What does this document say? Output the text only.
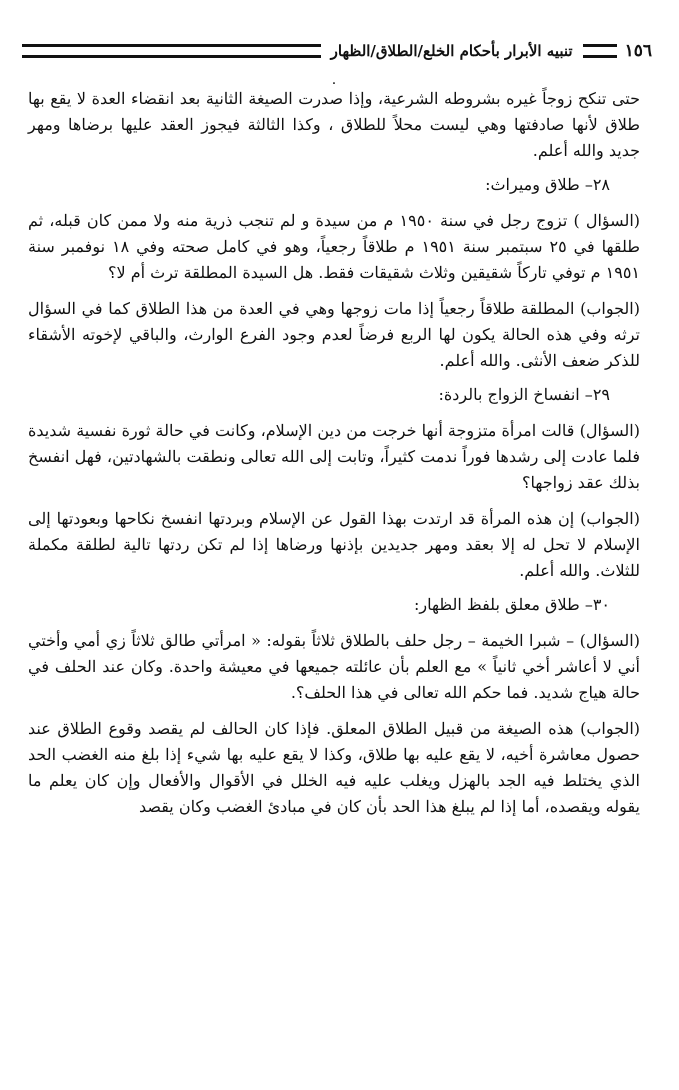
١٥٦
تنبيه الأبرار بأحكام الخلع/الطلاق/الظهار
.

حتى تنكح زوجاً غيره بشروطه الشرعية، وإذا صدرت الصيغة الثانية بعد انقضاء العدة لا يقع بها طلاق لأنها صادفتها وهي ليست محلاً للطلاق ، وكذا الثالثة فيجوز العقد عليها برضاها ومهر جديد والله أعلم.

٢٨– طلاق وميراث:

(السؤال ) تزوج رجل في سنة ١٩٥٠ م من سيدة و لم تنجب ذرية منه ولا ممن كان قبله، ثم طلقها في ٢٥ سبتمبر سنة ١٩٥١ م طلاقاً رجعياً، وهو في كامل صحته وفي ١٨ نوفمبر سنة ١٩٥١ م توفي تاركاً شقيقين وثلاث شقيقات فقط. هل السيدة المطلقة ترث أم لا؟

(الجواب) المطلقة طلاقاً رجعياً إذا مات زوجها وهي في العدة من هذا الطلاق كما في السؤال ترثه وفي هذه الحالة يكون لها الربع فرضاً لعدم وجود الفرع الوارث، والباقي لإخوته الأشقاء للذكر ضعف الأنثى. والله أعلم.

٢٩– انفساخ الزواج بالردة:

(السؤال) قالت امرأة متزوجة أنها خرجت من دين الإسلام، وكانت في حالة ثورة نفسية شديدة فلما عادت إلى رشدها فوراً ندمت كثيراً، وتابت إلى الله تعالى ونطقت بالشهادتين، فهل انفسخ بذلك عقد زواجها؟

(الجواب) إن هذه المرأة قد ارتدت بهذا القول عن الإسلام وبردتها انفسخ نكاحها وبعودتها إلى الإسلام لا تحل له إلا بعقد ومهر جديدين بإذنها ورضاها إذا لم تكن ردتها تالية لطلقة مكملة للثلاث. والله أعلم.

٣٠– طلاق معلق بلفظ الظهار:

(السؤال) – شبرا الخيمة – رجل حلف بالطلاق ثلاثاً بقوله: « امرأتي طالق ثلاثاً زي أمي وأختي أني لا أعاشر أخي ثانياً » مع العلم بأن عائلته جميعها في معيشة واحدة. وكان عند الحلف في حالة هياج شديد. فما حكم الله تعالى في هذا الحلف؟.

(الجواب) هذه الصيغة من قبيل الطلاق المعلق. فإذا كان الحالف لم يقصد وقوع الطلاق عند حصول معاشرة أخيه، لا يقع عليه بها طلاق، وكذا لا يقع عليه بها شيء إذا بلغ منه الغضب الحد الذي يختلط فيه الجد بالهزل ويغلب عليه فيه الخلل في الأقوال والأفعال وإن كان يعلم ما يقوله ويقصده، أما إذا لم يبلغ هذا الحد بأن كان في مبادئ الغضب وكان يقصد
